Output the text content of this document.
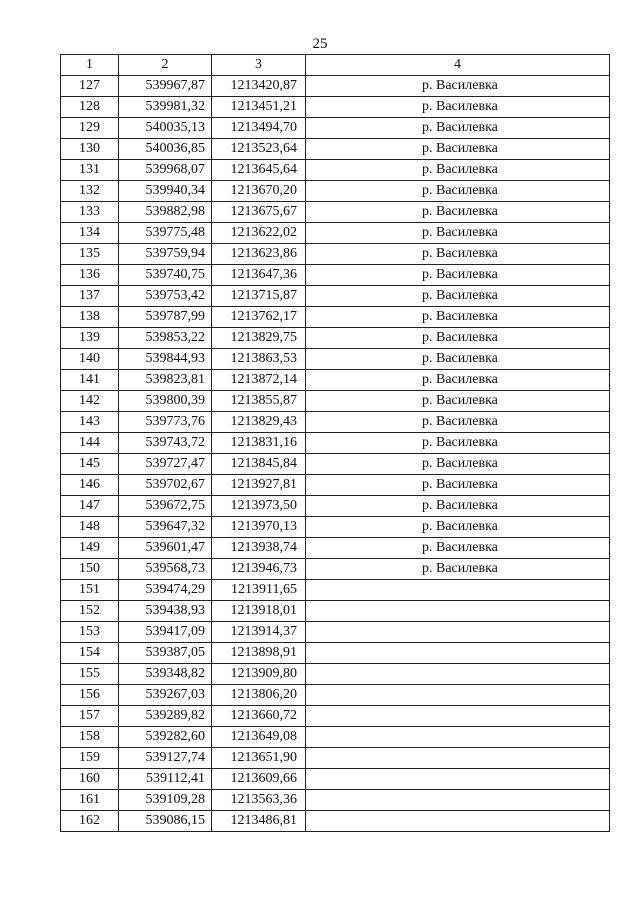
25
1	2	3	4
127	539967,87	1213420,87	р. Василевка
128	539981,32	1213451,21	р. Василевка
129	540035,13	1213494,70	р. Василевка
130	540036,85	1213523,64	р. Василевка
131	539968,07	1213645,64	р. Василевка
132	539940,34	1213670,20	р. Василевка
133	539882,98	1213675,67	р. Василевка
134	539775,48	1213622,02	р. Василевка
135	539759,94	1213623,86	р. Василевка
136	539740,75	1213647,36	р. Василевка
137	539753,42	1213715,87	р. Василевка
138	539787,99	1213762,17	р. Василевка
139	539853,22	1213829,75	р. Василевка
140	539844,93	1213863,53	р. Василевка
141	539823,81	1213872,14	р. Василевка
142	539800,39	1213855,87	р. Василевка
143	539773,76	1213829,43	р. Василевка
144	539743,72	1213831,16	р. Василевка
145	539727,47	1213845,84	р. Василевка
146	539702,67	1213927,81	р. Василевка
147	539672,75	1213973,50	р. Василевка
148	539647,32	1213970,13	р. Василевка
149	539601,47	1213938,74	р. Василевка
150	539568,73	1213946,73	р. Василевка
151	539474,29	1213911,65	
152	539438,93	1213918,01	
153	539417,09	1213914,37	
154	539387,05	1213898,91	
155	539348,82	1213909,80	
156	539267,03	1213806,20	
157	539289,82	1213660,72	
158	539282,60	1213649,08	
159	539127,74	1213651,90	
160	539112,41	1213609,66	
161	539109,28	1213563,36	
162	539086,15	1213486,81	
